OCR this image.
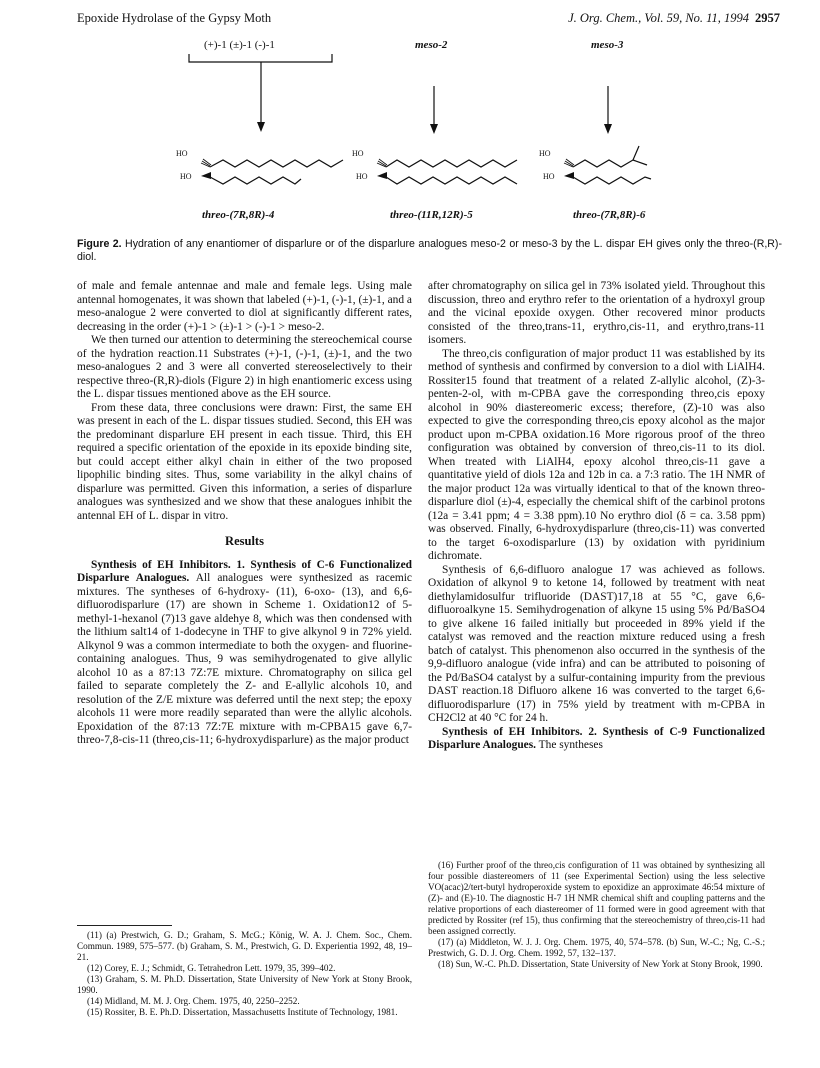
Epoxide Hydrolase of the Gypsy Moth	J. Org. Chem., Vol. 59, No. 11, 1994 2957
(+)-1 (±)-1 (-)-1	meso-2	meso-3
HO
HO
HO
HO
HO
HO
threo-(7R,8R)-4	threo-(11R,12R)-5	threo-(7R,8R)-6
Figure 2. Hydration of any enantiomer of disparlure or of the disparlure analogues meso-2 or meso-3 by the L. dispar EH gives only the threo-(R,R)-diol.

of male and female antennae and male and female legs. Using male antennal homogenates, it was shown that labeled (+)-1, (-)-1, (±)-1, and a meso-analogue 2 were converted to diol at significantly different rates, decreasing in the order (+)-1 > (±)-1 > (-)-1 > meso-2.

We then turned our attention to determining the stereochemical course of the hydration reaction.11 Substrates (+)-1, (-)-1, (±)-1, and the two meso-analogues 2 and 3 were all converted stereoselectively to their respective threo-(R,R)-diols (Figure 2) in high enantiomeric excess using the L. dispar tissues mentioned above as the EH source.

From these data, three conclusions were drawn: First, the same EH was present in each of the L. dispar tissues studied. Second, this EH was the predominant disparlure EH present in each tissue. Third, this EH required a specific orientation of the epoxide in its epoxide binding site, but could accept either alkyl chain in either of the two proposed lipophilic binding sites. Thus, some variability in the alkyl chains of disparlure was permitted. Given this information, a series of disparlure analogues was synthesized and we show that these analogues inhibit the antennal EH of L. dispar in vitro.

Results

Synthesis of EH Inhibitors. 1. Synthesis of C-6 Functionalized Disparlure Analogues. All analogues were synthesized as racemic mixtures. The syntheses of 6-hydroxy- (11), 6-oxo- (13), and 6,6-difluorodisparlure (17) are shown in Scheme 1. Oxidation12 of 5-methyl-1-hexanol (7)13 gave aldehye 8, which was then condensed with the lithium salt14 of 1-dodecyne in THF to give alkynol 9 in 72% yield. Alkynol 9 was a common intermediate to both the oxygen- and fluorine-containing analogues. Thus, 9 was semihydrogenated to give allylic alcohol 10 as a 87:13 7Z:7E mixture. Chromatography on silica gel failed to separate completely the Z- and E-allylic alcohols 10, and resolution of the Z/E mixture was deferred until the next step; the epoxy alcohols 11 were more readily separated than were the allylic alcohols. Epoxidation of the 87:13 7Z:7E mixture with m-CPBA15 gave 6,7-threo-7,8-cis-11 (threo,cis-11; 6-hydroxydisparlure) as the major product

after chromatography on silica gel in 73% isolated yield. Throughout this discussion, threo and erythro refer to the orientation of a hydroxyl group and the vicinal epoxide oxygen. Other recovered minor products consisted of the threo,trans-11, erythro,cis-11, and erythro,trans-11 isomers.

The threo,cis configuration of major product 11 was established by its method of synthesis and confirmed by conversion to a diol with LiAlH4. Rossiter15 found that treatment of a related Z-allylic alcohol, (Z)-3-penten-2-ol, with m-CPBA gave the corresponding threo,cis epoxy alcohol in 90% diastereomeric excess; therefore, (Z)-10 was also expected to give the corresponding threo,cis epoxy alcohol as the major product upon m-CPBA oxidation.16 More rigorous proof of the threo configuration was obtained by conversion of threo,cis-11 to its diol. When treated with LiAlH4, epoxy alcohol threo,cis-11 gave a quantitative yield of diols 12a and 12b in ca. a 7:3 ratio. The 1H NMR of the major product 12a was virtually identical to that of the known threo-disparlure diol (±)-4, especially the chemical shift of the carbinol protons (12a = 3.41 ppm; 4 = 3.38 ppm).10 No erythro diol (δ = ca. 3.58 ppm) was observed. Finally, 6-hydroxydisparlure (threo,cis-11) was converted to the target 6-oxodisparlure (13) by oxidation with pyridinium dichromate.

Synthesis of 6,6-difluoro analogue 17 was achieved as follows. Oxidation of alkynol 9 to ketone 14, followed by treatment with neat diethylamidosulfur trifluoride (DAST)17,18 at 55 °C, gave 6,6-difluoroalkyne 15. Semihydrogenation of alkyne 15 using 5% Pd/BaSO4 to give alkene 16 failed initially but proceeded in 89% yield if the catalyst was removed and the reaction mixture reduced using a fresh batch of catalyst. This phenomenon also occurred in the synthesis of the 9,9-difluoro analogue (vide infra) and can be attributed to poisoning of the Pd/BaSO4 catalyst by a sulfur-containing impurity from the previous DAST reaction.18 Difluoro alkene 16 was converted to the target 6,6-difluorodisparlure (17) in 75% yield by treatment with m-CPBA in CH2Cl2 at 40 °C for 24 h.

Synthesis of EH Inhibitors. 2. Synthesis of C-9 Functionalized Disparlure Analogues. The syntheses

(11) (a) Prestwich, G. D.; Graham, S. McG.; König, W. A. J. Chem. Soc., Chem. Commun. 1989, 575–577. (b) Graham, S. M., Prestwich, G. D. Experientia 1992, 48, 19–21.

(12) Corey, E. J.; Schmidt, G. Tetrahedron Lett. 1979, 35, 399–402.

(13) Graham, S. M. Ph.D. Dissertation, State University of New York at Stony Brook, 1990.

(14) Midland, M. M. J. Org. Chem. 1975, 40, 2250–2252.

(15) Rossiter, B. E. Ph.D. Dissertation, Massachusetts Institute of Technology, 1981.

(16) Further proof of the threo,cis configuration of 11 was obtained by synthesizing all four possible diastereomers of 11 (see Experimental Section) using the less selective VO(acac)2/tert-butyl hydroperoxide system to epoxidize an approximate 46:54 mixture of (Z)- and (E)-10. The diagnostic H-7 1H NMR chemical shift and coupling patterns and the relative proportions of each diastereomer of 11 formed were in good agreement with that predicted by Rossiter (ref 15), thus confirming that the stereochemistry of threo,cis-11 had been assigned correctly.

(17) (a) Middleton, W. J. J. Org. Chem. 1975, 40, 574–578. (b) Sun, W.-C.; Ng, C.-S.; Prestwich, G. D. J. Org. Chem. 1992, 57, 132–137.

(18) Sun, W.-C. Ph.D. Dissertation, State University of New York at Stony Brook, 1990.
